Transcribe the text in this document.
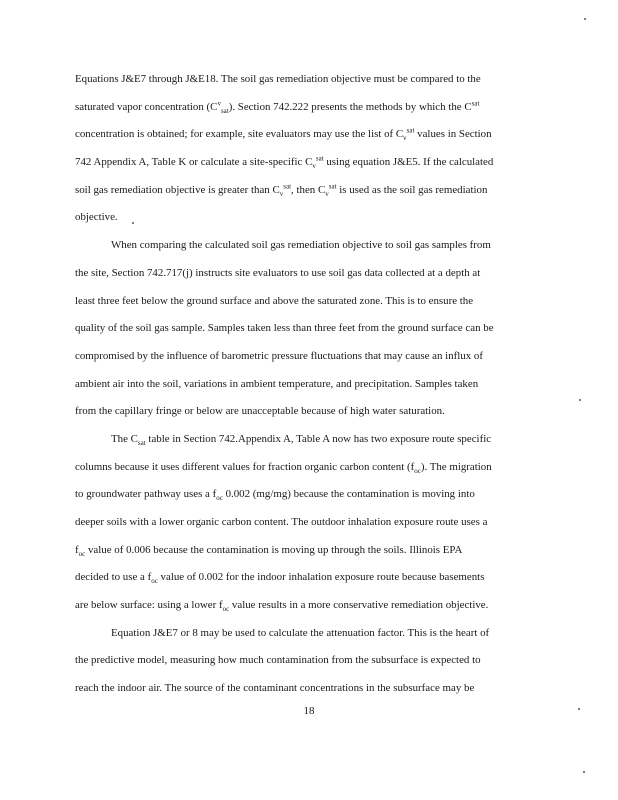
Equations J&E7 through J&E18. The soil gas remediation objective must be compared to the
saturated vapor concentration $(C^v_{sat})$. Section 742.222 presents the methods by which the $C^{sat}$
concentration is obtained; for example, site evaluators may use the list of $C_v^{sat}$ values in Section
742 Appendix A, Table K or calculate a site-specific $C_v^{sat}$ using equation J&E5. If the calculated
soil gas remediation objective is greater than $C_v^{sat}$, then $C_v^{sat}$ is used as the soil gas remediation
objective.
When comparing the calculated soil gas remediation objective to soil gas samples from
the site, Section 742.717(j) instructs site evaluators to use soil gas data collected at a depth at
least three feet below the ground surface and above the saturated zone. This is to ensure the
quality of the soil gas sample. Samples taken less than three feet from the ground surface can be
compromised by the influence of barometric pressure fluctuations that may cause an influx of
ambient air into the soil, variations in ambient temperature, and precipitation. Samples taken
from the capillary fringe or below are unacceptable because of high water saturation.
The $C_{sat}$ table in Section 742.Appendix A, Table A now has two exposure route specific
columns because it uses different values for fraction organic carbon content $(f_{oc})$. The migration
to groundwater pathway uses a $f_{oc}$ 0.002 (mg/mg) because the contamination is moving into
deeper soils with a lower organic carbon content. The outdoor inhalation exposure route uses a
$f_{oc}$ value of 0.006 because the contamination is moving up through the soils. Illinois EPA
decided to use a $f_{oc}$ value of 0.002 for the indoor inhalation exposure route because basements
are below surface: using a lower $f_{oc}$ value results in a more conservative remediation objective.
Equation J&E7 or 8 may be used to calculate the attenuation factor. This is the heart of
the predictive model, measuring how much contamination from the subsurface is expected to
reach the indoor air. The source of the contaminant concentrations in the subsurface may be
18
